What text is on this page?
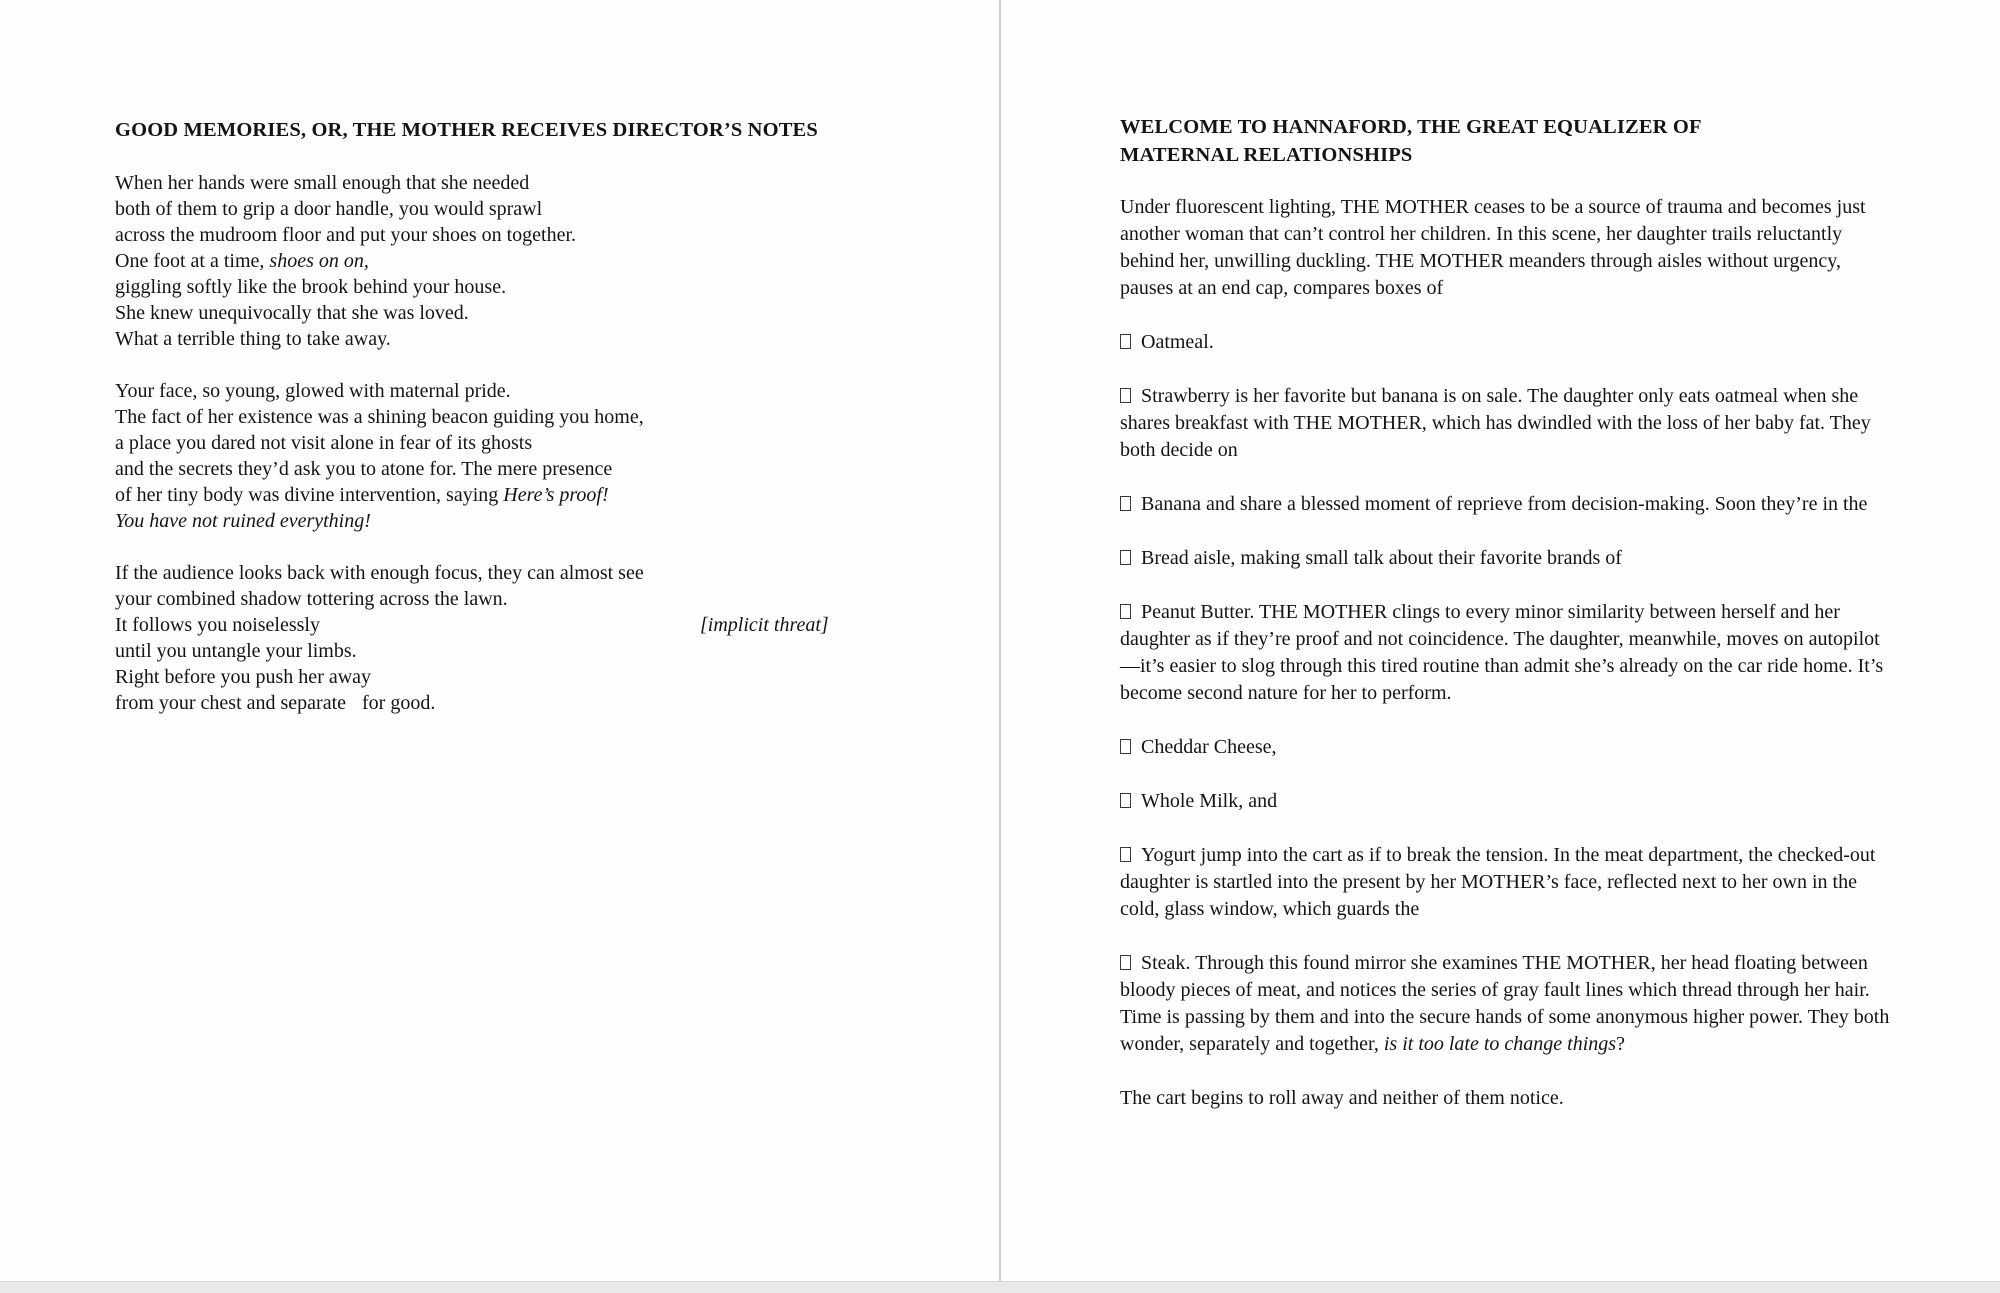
GOOD MEMORIES, OR, THE MOTHER RECEIVES DIRECTOR’S NOTES
When her hands were small enough that she needed
both of them to grip a door handle, you would sprawl
across the mudroom floor and put your shoes on together.
One foot at a time, shoes on on,
giggling softly like the brook behind your house.
She knew unequivocally that she was loved.
What a terrible thing to take away.
Your face, so young, glowed with maternal pride.
The fact of her existence was a shining beacon guiding you home,
a place you dared not visit alone in fear of its ghosts
and the secrets they’d ask you to atone for. The mere presence
of her tiny body was divine intervention, saying Here’s proof!
You have not ruined everything!
If the audience looks back with enough focus, they can almost see
your combined shadow tottering across the lawn.
It follows you noiselessly	[implicit threat]
until you untangle your limbs.
Right before you push her away
from your chest and separate for good.
WELCOME TO HANNAFORD, THE GREAT EQUALIZER OF MATERNAL RELATIONSHIPS

Under fluorescent lighting, THE MOTHER ceases to be a source of trauma and becomes just another woman that can’t control her children. In this scene, her daughter trails reluctantly behind her, unwilling duckling. THE MOTHER meanders through aisles without urgency, pauses at an end cap, compares boxes of

Oatmeal.

Strawberry is her favorite but banana is on sale. The daughter only eats oatmeal when she shares breakfast with THE MOTHER, which has dwindled with the loss of her baby fat. They both decide on

Banana and share a blessed moment of reprieve from decision-making. Soon they’re in the

Bread aisle, making small talk about their favorite brands of

Peanut Butter. THE MOTHER clings to every minor similarity between herself and her daughter as if they’re proof and not coincidence. The daughter, meanwhile, moves on autopilot—it’s easier to slog through this tired routine than admit she’s already on the car ride home. It’s become second nature for her to perform.

Cheddar Cheese,

Whole Milk, and

Yogurt jump into the cart as if to break the tension. In the meat department, the checked-out daughter is startled into the present by her MOTHER’s face, reflected next to her own in the cold, glass window, which guards the

Steak. Through this found mirror she examines THE MOTHER, her head floating between bloody pieces of meat, and notices the series of gray fault lines which thread through her hair. Time is passing by them and into the secure hands of some anonymous higher power. They both wonder, separately and together, is it too late to change things?

The cart begins to roll away and neither of them notice.
